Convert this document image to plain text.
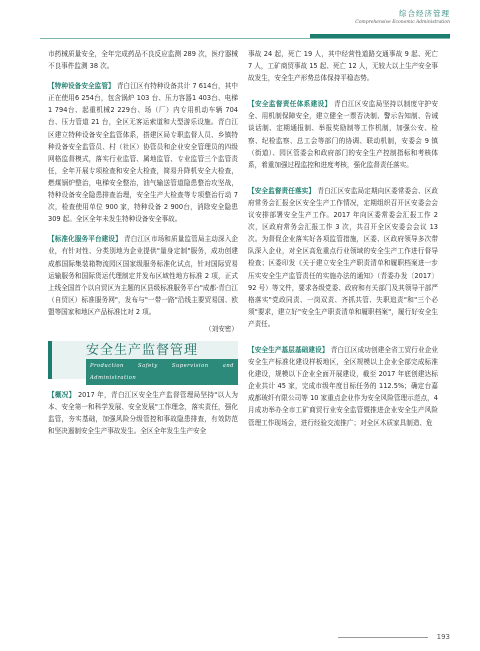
综合经济管理
Comprehensive Economic Administration

市药械质量安全，全年完成药品不良反应监测 289 次，医疗器械不良事件监测 38 次。

【特种设备安全监管】 青白江区有特种设备共计 7 614台，其中正在使用6 254台，包含锅炉 103 台、压力容器1 403台、电梯1 794台、起重机械2 229台、场（厂）内专用机动车辆 704 台、压力管道 21 台，全区无客运索道和大型游乐设施。青白江区建立特种设备安全监管体系，搭建区局专职监督人员、乡镇特种设备安全监管员、村（社区）协管员和企业安全管理员的四级网格监督模式，落实行业监管、属地监管、专业监管三个监管责任，全年开展专项检查和安全大检查，简易升降机安全大检查，燃煤锅炉整治，电梯安全整治，油气输送管道隐患整治攻坚战，特种设备安全隐患排查治理，安全生产大检查等专项整治行动 7 次，检查使用单位 900 家，特种设备 2 900台，消除安全隐患 309 起。全区全年未发生特种设备安全事故。

【标准化服务平台建设】 青白江区市场和质量监管局主动深入企业，有针对性、分类别地为企业提供"量身定制"服务，成功创建成都国际集装箱物流园区国家级服务标准化试点，针对国际贸易运输服务和国际货运代理制定并发布区域性地方标准 2 项，正式上线全国首个以自贸区为主题的区县级标准服务平台"成都·青白江（自贸区）标准服务网"，发布与"一带一路"沿线主要贸易国、欧盟等国家和地区产品标准比对 2 项。

（刘安密）

安全生产监督管理
Production Safety Supervision and Administration

【概况】 2017 年，青白江区安全生产监督管理局坚持"以人为本、安全第一和科学发展、安全发展"工作理念，落实责任，强化监管，夯实基础，加强风险分级管控和事故隐患排查，有效防范和坚决遏制安全生产事故发生。全区全年发生生产安全

事故 24 起，死亡 19 人，其中经营性道路交通事故 9 起、死亡 7 人，工矿商贸事故 15 起、死亡 12 人，无较大以上生产安全事故发生，安全生产形势总体保持平稳态势。

【安全监督责任体系建设】 青白江区安监局坚持以制度守护安全、用机制保障安全，建立健全一票否决制、警示告知制、告诫谈话制、定期通报制、举报奖励制等工作机制，加强公安、检察、纪检监察、总工会等部门的协调、联动机制，安委会 9 镇（街道）、园区管委会和政府部门的安全生产控制指标和考核体系，着重加强过程监控和进度考核，强化监督责任落实。

【安全监督责任落实】 青白江区安监局定期向区委常委会、区政府常务会汇报全区安全生产工作情况，定期组织召开区安委会会议安排部署安全生产工作。2017 年向区委常委会汇报工作 2 次，区政府常务会汇报工作 3 次，共召开全区安委会会议 13 次。为督促企业落实好各项监管措施，区委、区政府领导多次带队深入企业，对全区高危重点行业领域的安全生产工作进行督导检查；区委印发《关于建立安全生产职责清单和履职档案进一步压实安全生产监管责任的实施办法的通知》（青委办发〔2017〕92 号）等文件，要求各级党委、政府和有关部门及其领导干部严格落实"党政同责、一岗双责、齐抓共管、失职追责"和"三个必须"要求，建立好"安全生产职责清单和履职档案"，履行好安全生产责任。

【安全生产基层基础建设】 青白江区成功创建全省工贸行业企业安全生产标准化建设样板地区，全区规模以上企业全部完成标准化建设，规模以下企业全面开展建设，截至 2017 年底创建达标企业共计 45 家，完成市级年度目标任务的 112.5%；确定台嘉成都玻纤有限公司等 10 家重点企业作为安全风险管理示范点，4 月成功举办全市工矿商贸行业安全监管暨推进企业安全生产风险管理工作现场会，进行经验交流推广；对全区木质家具制造、危

193
